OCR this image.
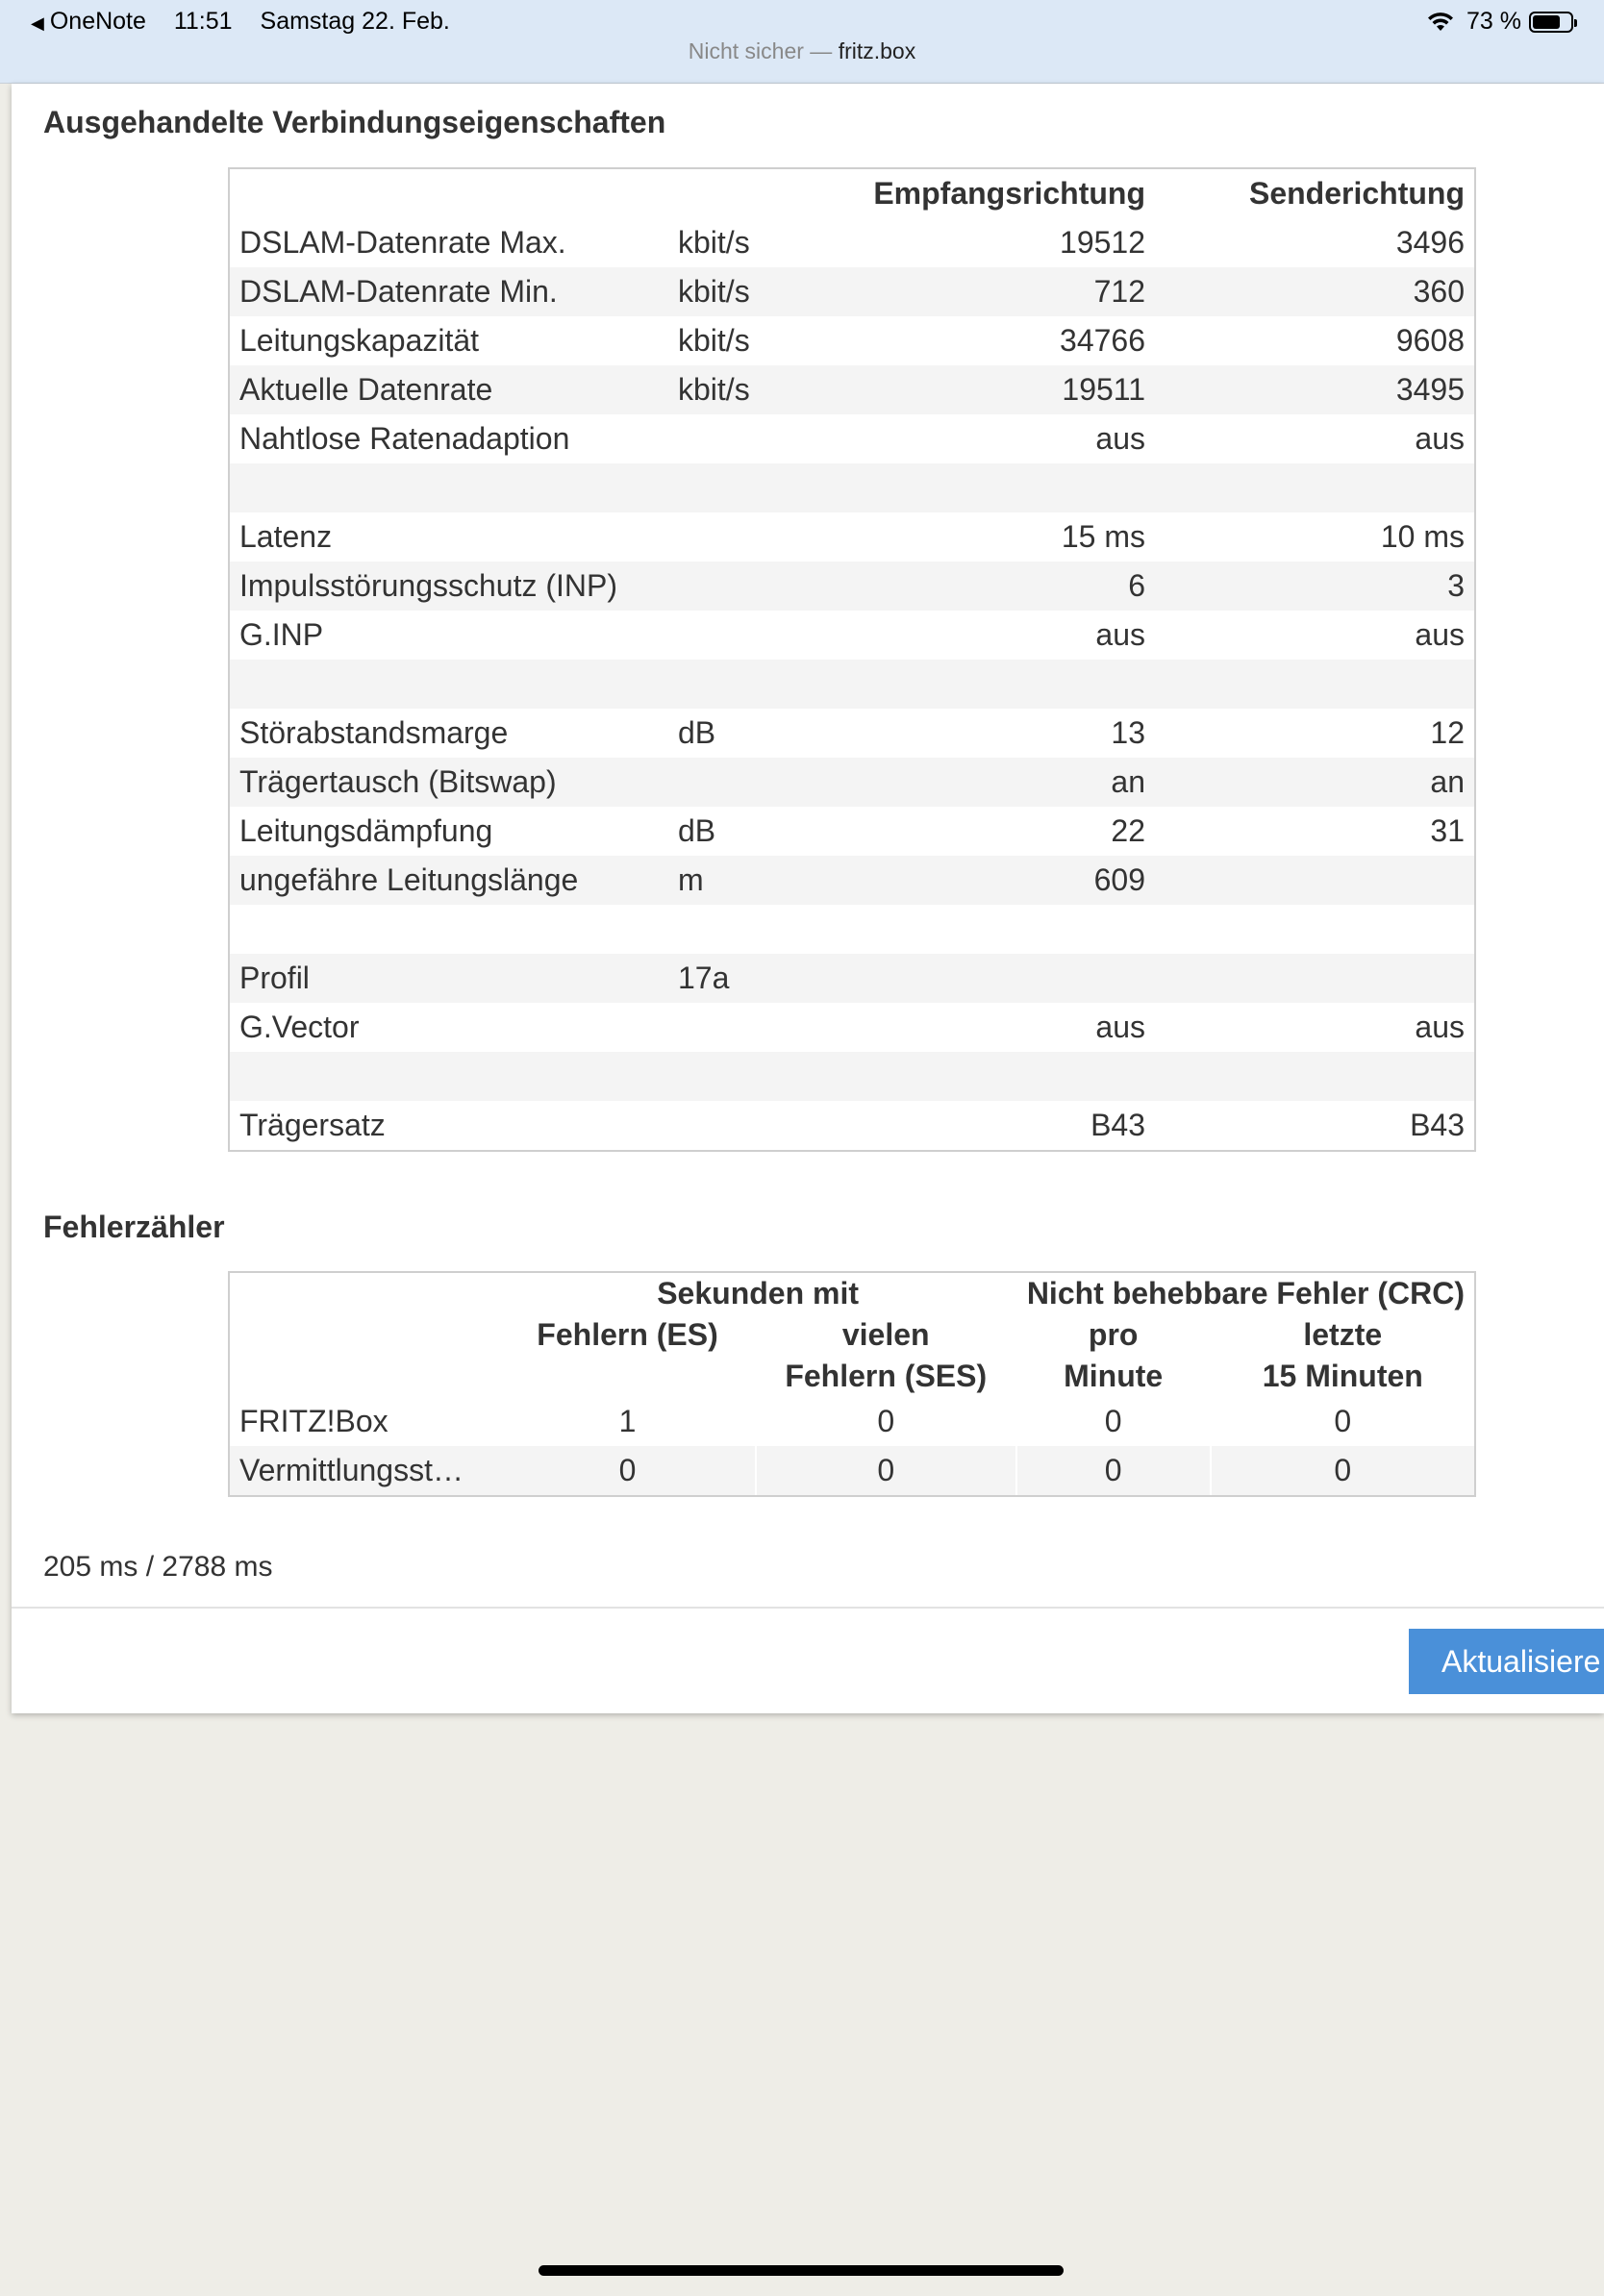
◀ OneNote 11:51 Samstag 22. Feb.	73 %
Nicht sicher — fritz.box
Ausgehandelte Verbindungseigenschaften
		Empfangsrichtung	Senderichtung
DSLAM-Datenrate Max.	kbit/s	19512	3496
DSLAM-Datenrate Min.	kbit/s	712	360
Leitungskapazität	kbit/s	34766	9608
Aktuelle Datenrate	kbit/s	19511	3495
Nahtlose Ratenadaption		aus	aus

Latenz		15 ms	10 ms
Impulsstörungsschutz (INP)		6	3
G.INP		aus	aus

Störabstandsmarge	dB	13	12
Trägertausch (Bitswap)		an	an
Leitungsdämpfung	dB	22	31
ungefähre Leitungslänge	m	609	

Profil	17a		
G.Vector		aus	aus

Trägersatz		B43	B43
Fehlerzähler
	Sekunden mit		Nicht behebbare Fehler (CRC)	
	Fehlern (ES)	vielen	pro	letzte
		Fehlern (SES)	Minute	15 Minuten
FRITZ!Box	1	0	0	0
Vermittlungsst…	0	0	0	0
205 ms / 2788 ms
Aktualisiere
